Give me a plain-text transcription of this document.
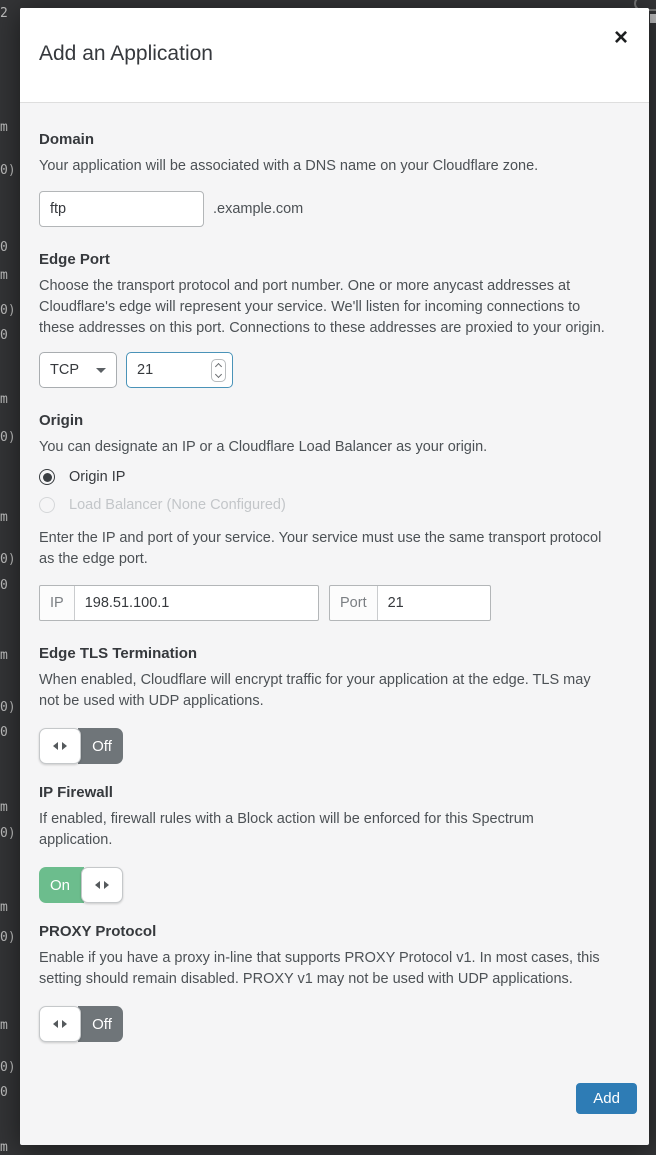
2
m
0)
0
m
0)
0
m
0)
m
0)
0
m
0)
0
m
0)
m
0)
m
0)
0
m
Add an Application
×
Domain

Your application will be associated with a DNS name on your Cloudflare zone.

ftp
.example.com
Edge Port

Choose the transport protocol and port number. One or more anycast addresses at Cloudflare's edge will represent your service. We'll listen for incoming connections to these addresses on this port. Connections to these addresses are proxied to your origin.

TCP
21
Origin

You can designate an IP or a Cloudflare Load Balancer as your origin.

Origin IP
Load Balancer (None Configured)

Enter the IP and port of your service. Your service must use the same transport protocol as the edge port.

IP
198.51.100.1	Port
21
Edge TLS Termination

When enabled, Cloudflare will encrypt traffic for your application at the edge. TLS may not be used with UDP applications.

Off
IP Firewall

If enabled, firewall rules with a Block action will be enforced for this Spectrum application.

On
PROXY Protocol

Enable if you have a proxy in-line that supports PROXY Protocol v1. In most cases, this setting should remain disabled. PROXY v1 may not be used with UDP applications.

Off
Add
